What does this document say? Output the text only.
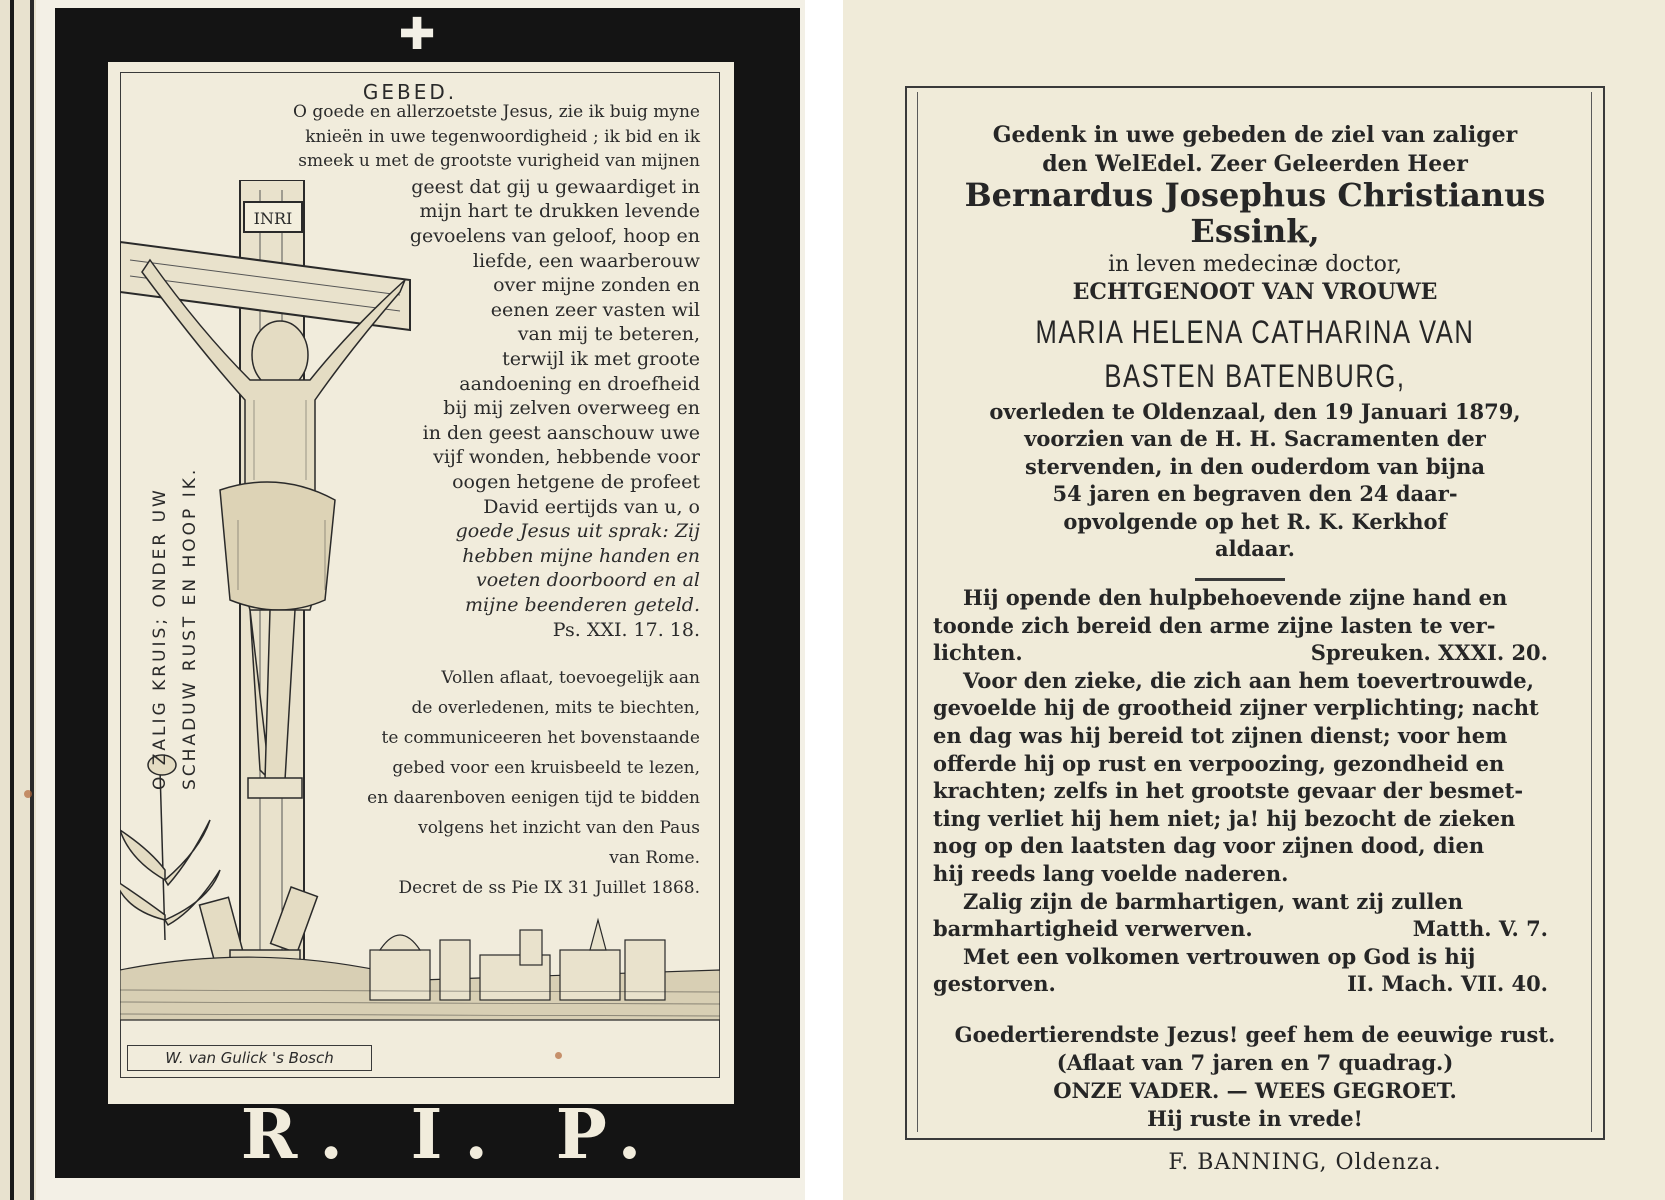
✚
GEBED.
O goede en allerzoetste Jesus, zie ik buig myne
knieën in uwe tegenwoordigheid ; ik bid en ik
smeek u met de grootste vurigheid van mijnen
geest dat gij u gewaardiget in
mijn hart te drukken levende
gevoelens van geloof, hoop en
liefde, een waarberouw
over mijne zonden en
eenen zeer vasten wil
van mij te beteren,
terwijl ik met groote
aandoening en droefheid
bij mij zelven overweeg en
in den geest aanschouw uwe
vijf wonden, hebbende voor
oogen hetgene de profeet
David eertijds van u, o
goede Jesus uit sprak: Zij
hebben mijne handen en
voeten doorboord en al
mijne beenderen geteld.
Ps. XXI. 17. 18.
Vollen aflaat, toevoegelijk aan
de overledenen, mits te biechten,
te communiceeren het bovenstaande
gebed voor een kruisbeeld te lezen,
en daarenboven eenigen tijd te bidden
volgens het inzicht van den Paus
van Rome.
Decret de ss Pie IX 31 Juillet 1868.
INRI
O ZALIG KRUIS; ONDER UW SCHADUW RUST EN HOOP IK.
W. van Gulick 's Bosch
R. I. P.
Gedenk in uwe gebeden de ziel van zaliger
den WelEdel. Zeer Geleerden Heer
Bernardus Josephus Christianus
Essink,
in leven medecinæ doctor,
ECHTGENOOT VAN VROUWE
MARIA HELENA CATHARINA VAN
BASTEN BATENBURG,
overleden te Oldenzaal, den 19 Januari 1879,
voorzien van de H. H. Sacramenten der
stervenden, in den ouderdom van bijna
54 jaren en begraven den 24 daar-
opvolgende op het R. K. Kerkhof
aldaar.
Hij opende den hulpbehoevende zijne hand en
toonde zich bereid den arme zijne lasten te ver-
lichten.	Spreuken. XXXI. 20.
Voor den zieke, die zich aan hem toevertrouwde,
gevoelde hij de grootheid zijner verplichting; nacht
en dag was hij bereid tot zijnen dienst; voor hem
offerde hij op rust en verpoozing, gezondheid en
krachten; zelfs in het grootste gevaar der besmet-
ting verliet hij hem niet; ja! hij bezocht de zieken
nog op den laatsten dag voor zijnen dood, dien
hij reeds lang voelde naderen.
Zalig zijn de barmhartigen, want zij zullen
barmhartigheid verwerven.	Matth. V. 7.
Met een volkomen vertrouwen op God is hij
gestorven.	II. Mach. VII. 40.
Goedertierendste Jezus! geef hem de eeuwige rust.
(Aflaat van 7 jaren en 7 quadrag.)
ONZE VADER. — WEES GEGROET.
Hij ruste in vrede!
F. BANNING, Oldenza.
